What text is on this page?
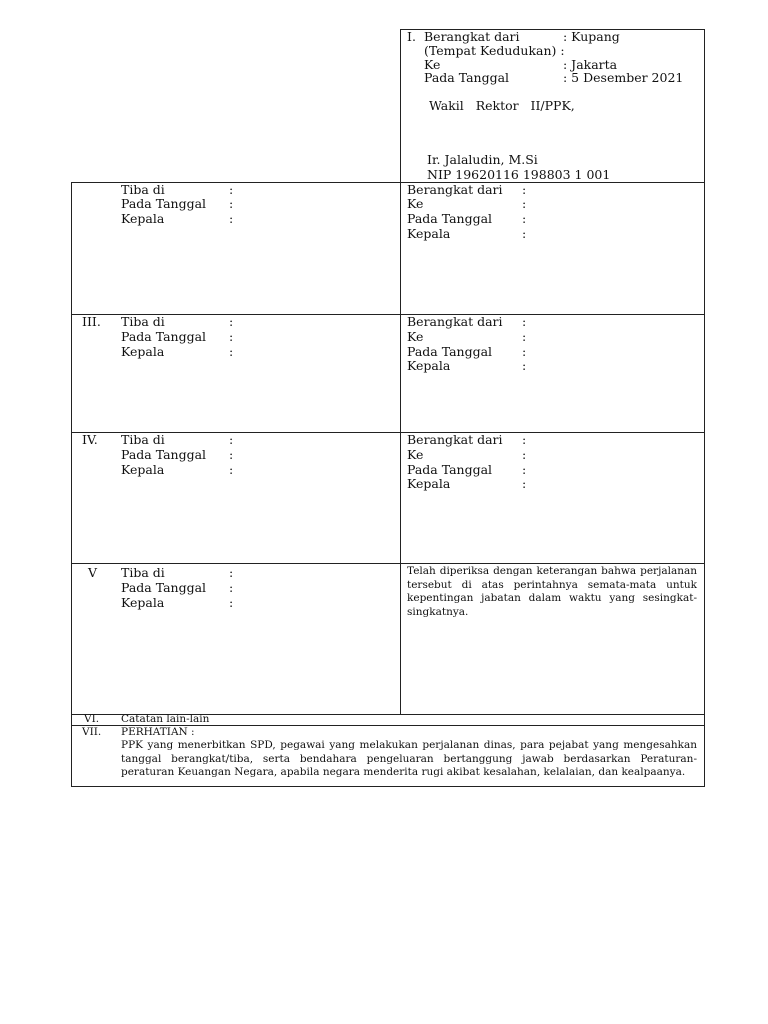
I. Berangkat dari	: Kupang
(Tempat Kedudukan) :
Ke	: Jakarta
Pada Tanggal	: 5 Desember 2021
Wakil   Rektor   II/PPK,
Ir. Jalaludin, M.Si
NIP 19620116 198803 1 001
Tiba di	:
Pada Tanggal :
Kepala	:
Berangkat dari :
Ke	:
Pada Tanggal :
Kepala	:
III. Tiba di	:
Pada Tanggal :
Kepala	:
Berangkat dari :
Ke	:
Pada Tanggal :
Kepala	:
IV. Tiba di	:
Pada Tanggal :
Kepala	:
Berangkat dari :
Ke	:
Pada Tanggal :
Kepala	:
V Tiba di	:
Pada Tanggal :
Kepala	:
Telah diperiksa dengan keterangan bahwa perjalanan tersebut di atas perintahnya semata-mata untuk kepentingan jabatan dalam waktu yang sesingkat-singkatnya.
VI. Catatan lain-lain
VII. PERHATIAN :
PPK yang menerbitkan SPD, pegawai yang melakukan perjalanan dinas, para pejabat yang mengesahkan tanggal berangkat/tiba, serta bendahara pengeluaran bertanggung jawab berdasarkan Peraturan-peraturan Keuangan Negara, apabila negara menderita rugi akibat kesalahan, kelalaian, dan kealpaanya.
